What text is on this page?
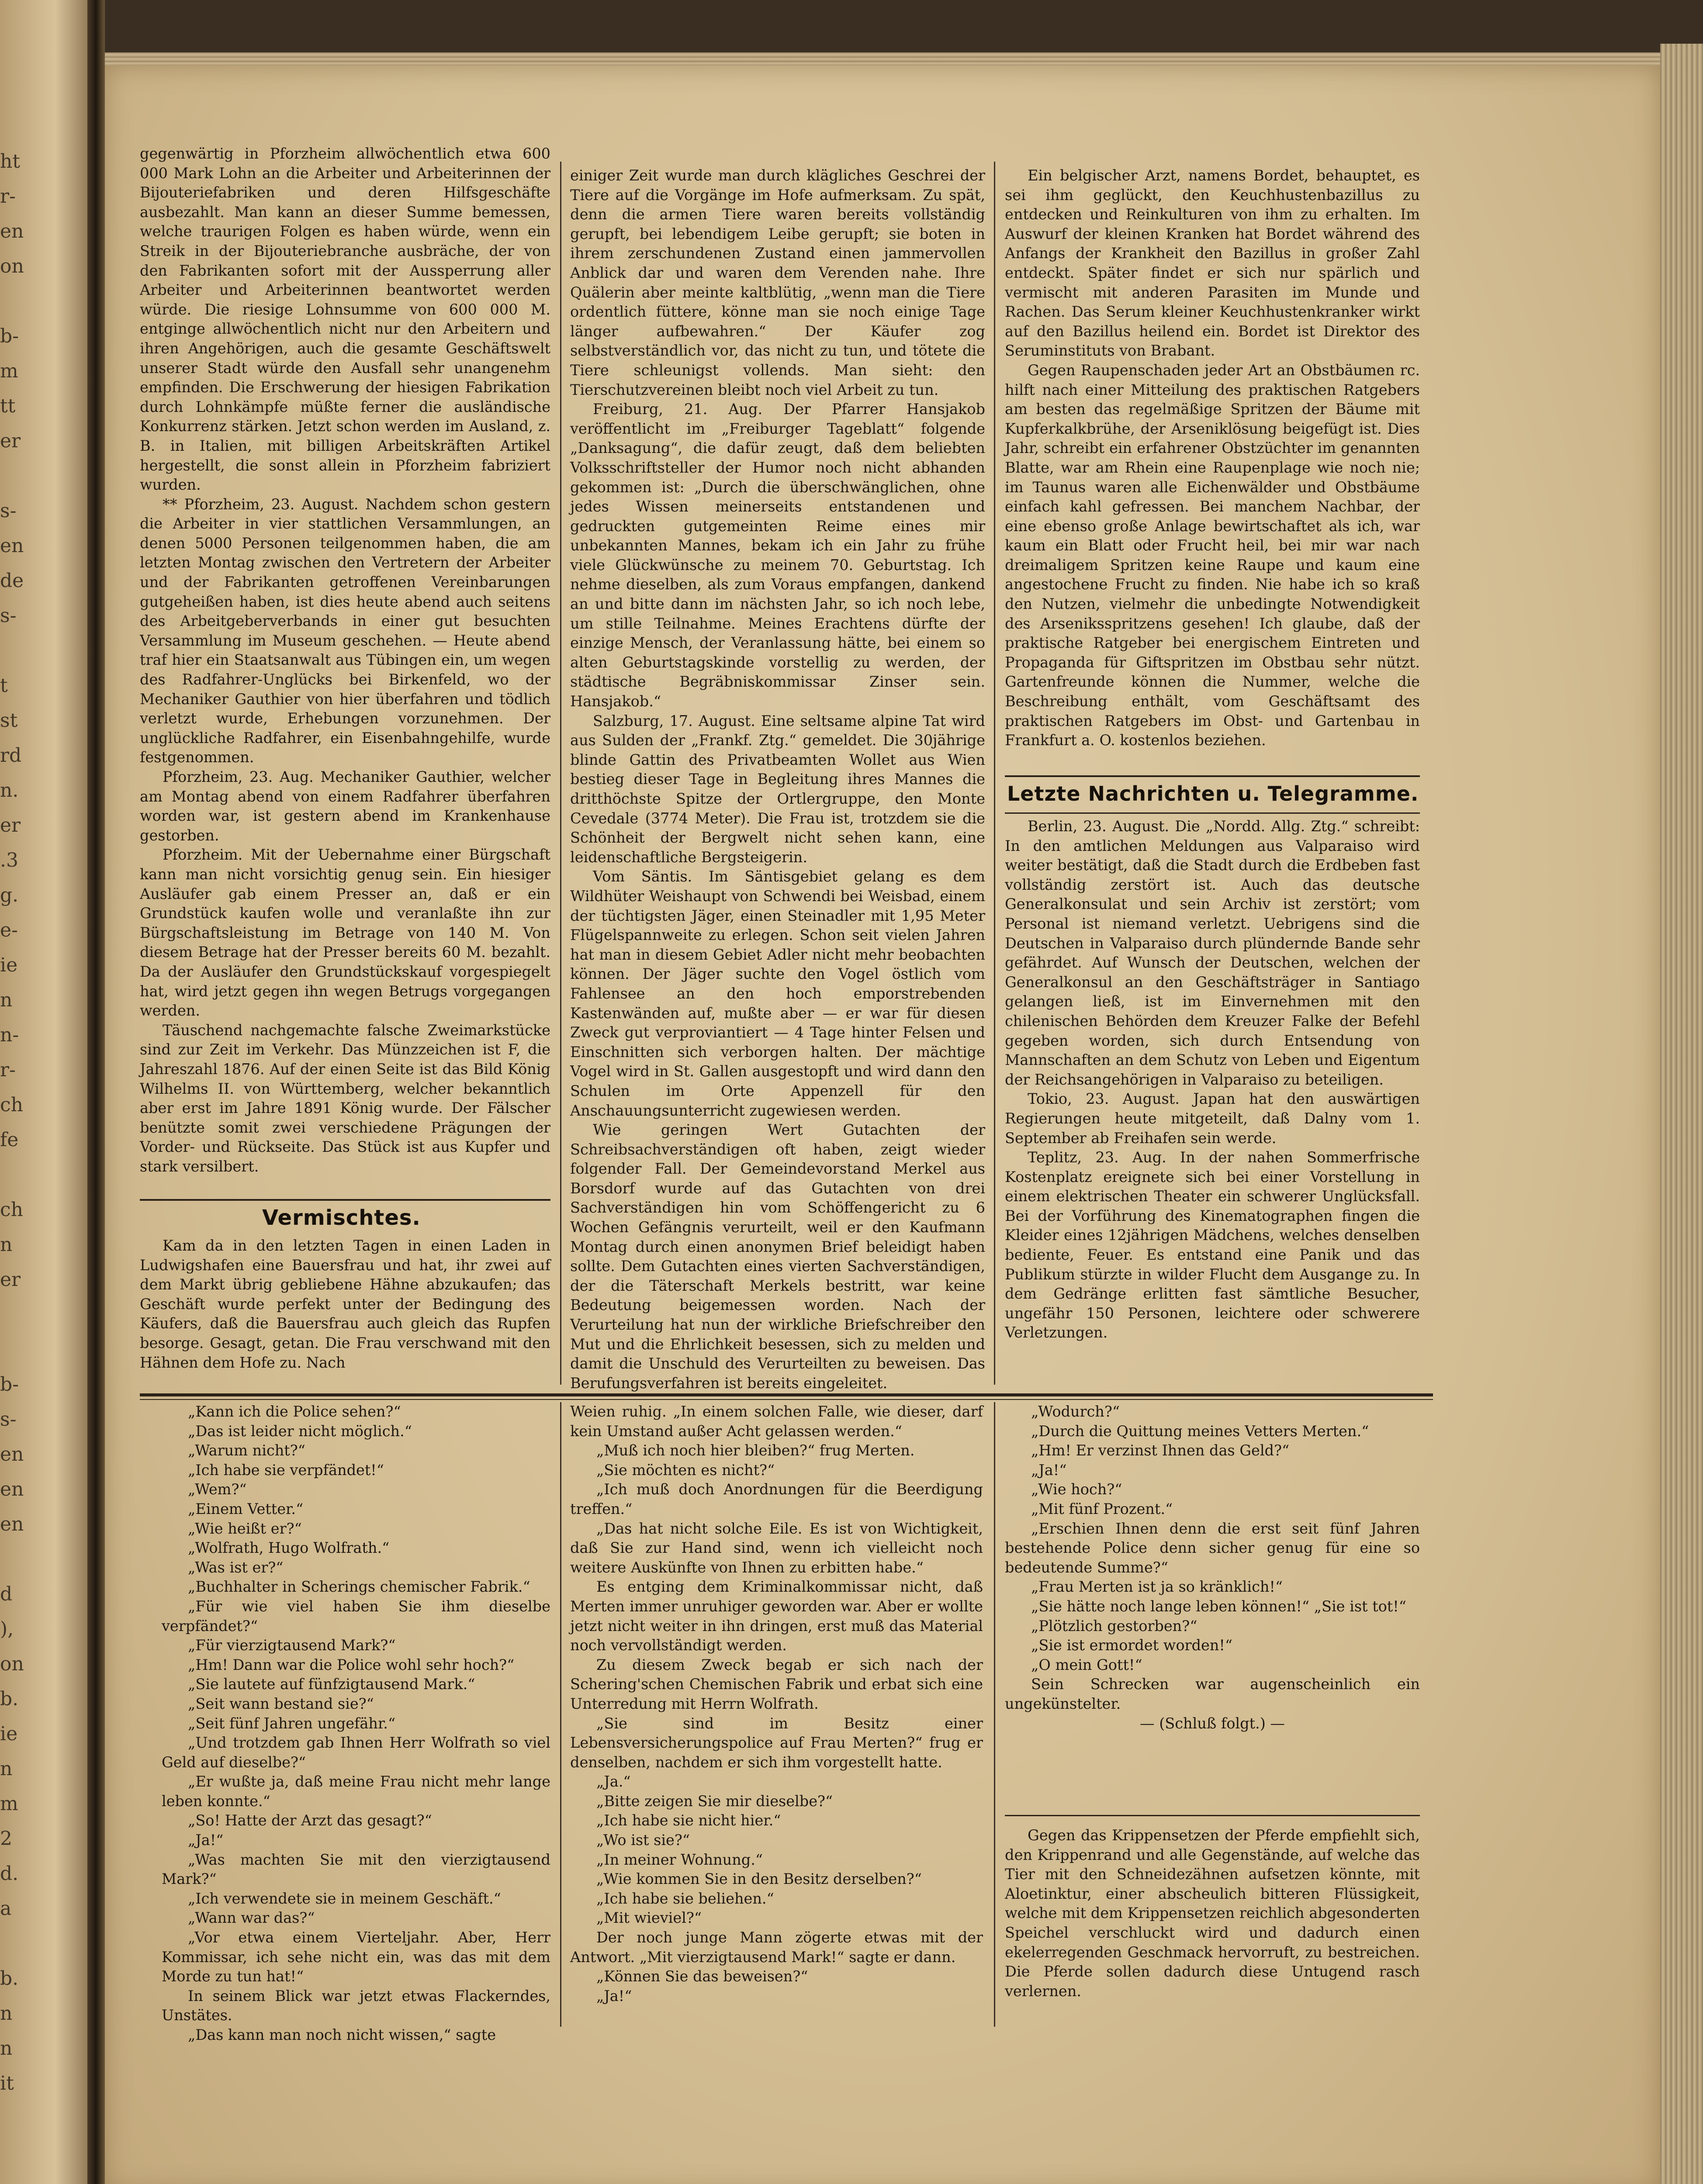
ht
r-
en
on

b-
m
tt
er

s-
en
de
s-

t
st
rd
n.
er
.3
g.
e-
ie
n
n-
r-
ch
fe

ch
n
er

b-
s-
en
en
en

d
),
on
b.
ie
n
m
2
d.
a

b.
n
n
it

gegenwärtig in Pforzheim allwöchentlich etwa 600 000 Mark Lohn an die Arbeiter und Arbeiterinnen der Bijouteriefabriken und deren Hilfsgeschäfte ausbezahlt. Man kann an dieser Summe bemessen, welche traurigen Folgen es haben würde, wenn ein Streik in der Bijouteriebranche ausbräche, der von den Fabrikanten sofort mit der Aussperrung aller Arbeiter und Arbeiterinnen beantwortet werden würde. Die riesige Lohnsumme von 600 000 M. entginge allwöchentlich nicht nur den Arbeitern und ihren Angehörigen, auch die gesamte Geschäftswelt unserer Stadt würde den Ausfall sehr unangenehm empfinden. Die Erschwerung der hiesigen Fabrikation durch Lohnkämpfe müßte ferner die ausländische Konkurrenz stärken. Jetzt schon werden im Ausland, z. B. in Italien, mit billigen Arbeitskräften Artikel hergestellt, die sonst allein in Pforzheim fabriziert wurden.

** Pforzheim, 23. August. Nachdem schon gestern die Arbeiter in vier stattlichen Versammlungen, an denen 5000 Personen teilgenommen haben, die am letzten Montag zwischen den Vertretern der Arbeiter und der Fabrikanten getroffenen Vereinbarungen gutgeheißen haben, ist dies heute abend auch seitens des Arbeitgeberverbands in einer gut besuchten Versammlung im Museum geschehen. — Heute abend traf hier ein Staatsanwalt aus Tübingen ein, um wegen des Radfahrer-Unglücks bei Birkenfeld, wo der Mechaniker Gauthier von hier überfahren und tödlich verletzt wurde, Erhebungen vorzunehmen. Der unglückliche Radfahrer, ein Eisenbahngehilfe, wurde festgenommen.

Pforzheim, 23. Aug. Mechaniker Gauthier, welcher am Montag abend von einem Radfahrer überfahren worden war, ist gestern abend im Krankenhause gestorben.

Pforzheim. Mit der Uebernahme einer Bürgschaft kann man nicht vorsichtig genug sein. Ein hiesiger Ausläufer gab einem Presser an, daß er ein Grundstück kaufen wolle und veranlaßte ihn zur Bürgschaftsleistung im Betrage von 140 M. Von diesem Betrage hat der Presser bereits 60 M. bezahlt. Da der Ausläufer den Grundstückskauf vorgespiegelt hat, wird jetzt gegen ihn wegen Betrugs vorgegangen werden.

Täuschend nachgemachte falsche Zweimarkstücke sind zur Zeit im Verkehr. Das Münzzeichen ist F, die Jahreszahl 1876. Auf der einen Seite ist das Bild König Wilhelms II. von Württemberg, welcher bekanntlich aber erst im Jahre 1891 König wurde. Der Fälscher benützte somit zwei verschiedene Prägungen der Vorder- und Rückseite. Das Stück ist aus Kupfer und stark versilbert.

Vermischtes.

Kam da in den letzten Tagen in einen Laden in Ludwigshafen eine Bauersfrau und hat, ihr zwei auf dem Markt übrig gebliebene Hähne abzukaufen; das Geschäft wurde perfekt unter der Bedingung des Käufers, daß die Bauersfrau auch gleich das Rupfen besorge. Gesagt, getan. Die Frau verschwand mit den Hähnen dem Hofe zu. Nach

einiger Zeit wurde man durch klägliches Geschrei der Tiere auf die Vorgänge im Hofe aufmerksam. Zu spät, denn die armen Tiere waren bereits vollständig gerupft, bei lebendigem Leibe gerupft; sie boten in ihrem zerschundenen Zustand einen jammervollen Anblick dar und waren dem Verenden nahe. Ihre Quälerin aber meinte kaltblütig, „wenn man die Tiere ordentlich füttere, könne man sie noch einige Tage länger aufbewahren.“ Der Käufer zog selbstverständlich vor, das nicht zu tun, und tötete die Tiere schleunigst vollends. Man sieht: den Tierschutzvereinen bleibt noch viel Arbeit zu tun.

Freiburg, 21. Aug. Der Pfarrer Hansjakob veröffentlicht im „Freiburger Tageblatt“ folgende „Danksagung“, die dafür zeugt, daß dem beliebten Volksschriftsteller der Humor noch nicht abhanden gekommen ist: „Durch die überschwänglichen, ohne jedes Wissen meinerseits entstandenen und gedruckten gutgemeinten Reime eines mir unbekannten Mannes, bekam ich ein Jahr zu frühe viele Glückwünsche zu meinem 70. Geburtstag. Ich nehme dieselben, als zum Voraus empfangen, dankend an und bitte dann im nächsten Jahr, so ich noch lebe, um stille Teilnahme. Meines Erachtens dürfte der einzige Mensch, der Veranlassung hätte, bei einem so alten Geburtstagskinde vorstellig zu werden, der städtische Begräbniskommissar Zinser sein. Hansjakob.“

Salzburg, 17. August. Eine seltsame alpine Tat wird aus Sulden der „Frankf. Ztg.“ gemeldet. Die 30jährige blinde Gattin des Privatbeamten Wollet aus Wien bestieg dieser Tage in Begleitung ihres Mannes die dritthöchste Spitze der Ortlergruppe, den Monte Cevedale (3774 Meter). Die Frau ist, trotzdem sie die Schönheit der Bergwelt nicht sehen kann, eine leidenschaftliche Bergsteigerin.

Vom Säntis. Im Säntisgebiet gelang es dem Wildhüter Weishaupt von Schwendi bei Weisbad, einem der tüchtigsten Jäger, einen Steinadler mit 1,95 Meter Flügelspannweite zu erlegen. Schon seit vielen Jahren hat man in diesem Gebiet Adler nicht mehr beobachten können. Der Jäger suchte den Vogel östlich vom Fahlensee an den hoch emporstrebenden Kastenwänden auf, mußte aber — er war für diesen Zweck gut verproviantiert — 4 Tage hinter Felsen und Einschnitten sich verborgen halten. Der mächtige Vogel wird in St. Gallen ausgestopft und wird dann den Schulen im Orte Appenzell für den Anschauungsunterricht zugewiesen werden.

Wie geringen Wert Gutachten der Schreibsachverständigen oft haben, zeigt wieder folgender Fall. Der Gemeindevorstand Merkel aus Borsdorf wurde auf das Gutachten von drei Sachverständigen hin vom Schöffengericht zu 6 Wochen Gefängnis verurteilt, weil er den Kaufmann Montag durch einen anonymen Brief beleidigt haben sollte. Dem Gutachten eines vierten Sachverständigen, der die Täterschaft Merkels bestritt, war keine Bedeutung beigemessen worden. Nach der Verurteilung hat nun der wirkliche Briefschreiber den Mut und die Ehrlichkeit besessen, sich zu melden und damit die Unschuld des Verurteilten zu beweisen. Das Berufungsverfahren ist bereits eingeleitet.

Ein belgischer Arzt, namens Bordet, behauptet, es sei ihm geglückt, den Keuchhustenbazillus zu entdecken und Reinkulturen von ihm zu erhalten. Im Auswurf der kleinen Kranken hat Bordet während des Anfangs der Krankheit den Bazillus in großer Zahl entdeckt. Später findet er sich nur spärlich und vermischt mit anderen Parasiten im Munde und Rachen. Das Serum kleiner Keuchhustenkranker wirkt auf den Bazillus heilend ein. Bordet ist Direktor des Seruminstituts von Brabant.

Gegen Raupenschaden jeder Art an Obstbäumen rc. hilft nach einer Mitteilung des praktischen Ratgebers am besten das regelmäßige Spritzen der Bäume mit Kupferkalkbrühe, der Arseniklösung beigefügt ist. Dies Jahr, schreibt ein erfahrener Obstzüchter im genannten Blatte, war am Rhein eine Raupenplage wie noch nie; im Taunus waren alle Eichenwälder und Obstbäume einfach kahl gefressen. Bei manchem Nachbar, der eine ebenso große Anlage bewirtschaftet als ich, war kaum ein Blatt oder Frucht heil, bei mir war nach dreimaligem Spritzen keine Raupe und kaum eine angestochene Frucht zu finden. Nie habe ich so kraß den Nutzen, vielmehr die unbedingte Notwendigkeit des Arseniksspritzens gesehen! Ich glaube, daß der praktische Ratgeber bei energischem Eintreten und Propaganda für Giftspritzen im Obstbau sehr nützt. Gartenfreunde können die Nummer, welche die Beschreibung enthält, vom Geschäftsamt des praktischen Ratgebers im Obst- und Gartenbau in Frankfurt a. O. kostenlos beziehen.

Letzte Nachrichten u. Telegramme.

Berlin, 23. August. Die „Nordd. Allg. Ztg.“ schreibt: In den amtlichen Meldungen aus Valparaiso wird weiter bestätigt, daß die Stadt durch die Erdbeben fast vollständig zerstört ist. Auch das deutsche Generalkonsulat und sein Archiv ist zerstört; vom Personal ist niemand verletzt. Uebrigens sind die Deutschen in Valparaiso durch plündernde Bande sehr gefährdet. Auf Wunsch der Deutschen, welchen der Generalkonsul an den Geschäftsträger in Santiago gelangen ließ, ist im Einvernehmen mit den chilenischen Behörden dem Kreuzer Falke der Befehl gegeben worden, sich durch Entsendung von Mannschaften an dem Schutz von Leben und Eigentum der Reichsangehörigen in Valparaiso zu beteiligen.

Tokio, 23. August. Japan hat den auswärtigen Regierungen heute mitgeteilt, daß Dalny vom 1. September ab Freihafen sein werde.

Teplitz, 23. Aug. In der nahen Sommerfrische Kostenplatz ereignete sich bei einer Vorstellung in einem elektrischen Theater ein schwerer Unglücksfall. Bei der Vorführung des Kinematographen fingen die Kleider eines 12jährigen Mädchens, welches denselben bediente, Feuer. Es entstand eine Panik und das Publikum stürzte in wilder Flucht dem Ausgange zu. In dem Gedränge erlitten fast sämtliche Besucher, ungefähr 150 Personen, leichtere oder schwerere Verletzungen.

„Kann ich die Police sehen?“

„Das ist leider nicht möglich.“

„Warum nicht?“

„Ich habe sie verpfändet!“

„Wem?“

„Einem Vetter.“

„Wie heißt er?“

„Wolfrath, Hugo Wolfrath.“

„Was ist er?“

„Buchhalter in Scherings chemischer Fabrik.“

„Für wie viel haben Sie ihm dieselbe verpfändet?“

„Für vierzigtausend Mark?“

„Hm! Dann war die Police wohl sehr hoch?“

„Sie lautete auf fünfzigtausend Mark.“

„Seit wann bestand sie?“

„Seit fünf Jahren ungefähr.“

„Und trotzdem gab Ihnen Herr Wolfrath so viel Geld auf dieselbe?“

„Er wußte ja, daß meine Frau nicht mehr lange leben konnte.“

„So! Hatte der Arzt das gesagt?“

„Ja!“

„Was machten Sie mit den vierzigtausend Mark?“

„Ich verwendete sie in meinem Geschäft.“

„Wann war das?“

„Vor etwa einem Vierteljahr. Aber, Herr Kommissar, ich sehe nicht ein, was das mit dem Morde zu tun hat!“

In seinem Blick war jetzt etwas Flackerndes, Unstätes.

„Das kann man noch nicht wissen,“ sagte

Weien ruhig. „In einem solchen Falle, wie dieser, darf kein Umstand außer Acht gelassen werden.“

„Muß ich noch hier bleiben?“ frug Merten.

„Sie möchten es nicht?“

„Ich muß doch Anordnungen für die Beerdigung treffen.“

„Das hat nicht solche Eile. Es ist von Wichtigkeit, daß Sie zur Hand sind, wenn ich vielleicht noch weitere Auskünfte von Ihnen zu erbitten habe.“

Es entging dem Kriminalkommissar nicht, daß Merten immer unruhiger geworden war. Aber er wollte jetzt nicht weiter in ihn dringen, erst muß das Material noch vervollständigt werden.

Zu diesem Zweck begab er sich nach der Schering'schen Chemischen Fabrik und erbat sich eine Unterredung mit Herrn Wolfrath.

„Sie sind im Besitz einer Lebensversicherungspolice auf Frau Merten?“ frug er denselben, nachdem er sich ihm vorgestellt hatte.

„Ja.“

„Bitte zeigen Sie mir dieselbe?“

„Ich habe sie nicht hier.“

„Wo ist sie?“

„In meiner Wohnung.“

„Wie kommen Sie in den Besitz derselben?“

„Ich habe sie beliehen.“

„Mit wieviel?“

Der noch junge Mann zögerte etwas mit der Antwort. „Mit vierzigtausend Mark!“ sagte er dann.

„Können Sie das beweisen?“

„Ja!“

„Wodurch?“

„Durch die Quittung meines Vetters Merten.“

„Hm! Er verzinst Ihnen das Geld?“

„Ja!“

„Wie hoch?“

„Mit fünf Prozent.“

„Erschien Ihnen denn die erst seit fünf Jahren bestehende Police denn sicher genug für eine so bedeutende Summe?“

„Frau Merten ist ja so kränklich!“

„Sie hätte noch lange leben können!“ „Sie ist tot!“

„Plötzlich gestorben?“

„Sie ist ermordet worden!“

„O mein Gott!“

Sein Schrecken war augenscheinlich ein ungekünstelter.

— (Schluß folgt.) —

Gegen das Krippensetzen der Pferde empfiehlt sich, den Krippenrand und alle Gegenstände, auf welche das Tier mit den Schneidezähnen aufsetzen könnte, mit Aloetinktur, einer abscheulich bitteren Flüssigkeit, welche mit dem Krippensetzen reichlich abgesonderten Speichel verschluckt wird und dadurch einen ekelerregenden Geschmack hervorruft, zu bestreichen. Die Pferde sollen dadurch diese Untugend rasch verlernen.
